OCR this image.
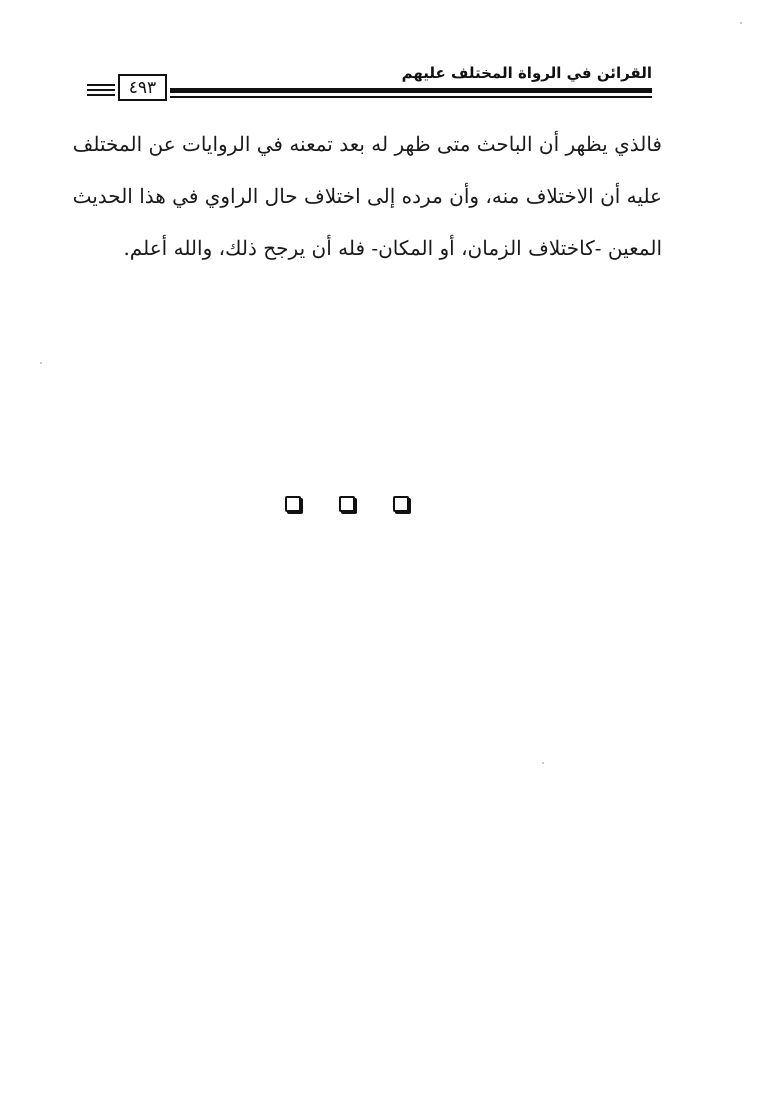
القرائن في الرواة المختلف عليهم
٤٩٣
فالذي يظهر أن الباحث متى ظهر له بعد تمعنه في الروايات عن المختلف
عليه أن الاختلاف منه، وأن مرده إلى اختلاف حال الراوي في هذا الحديث
المعين -كاختلاف الزمان، أو المكان- فله أن يرجح ذلك، والله أعلم.
